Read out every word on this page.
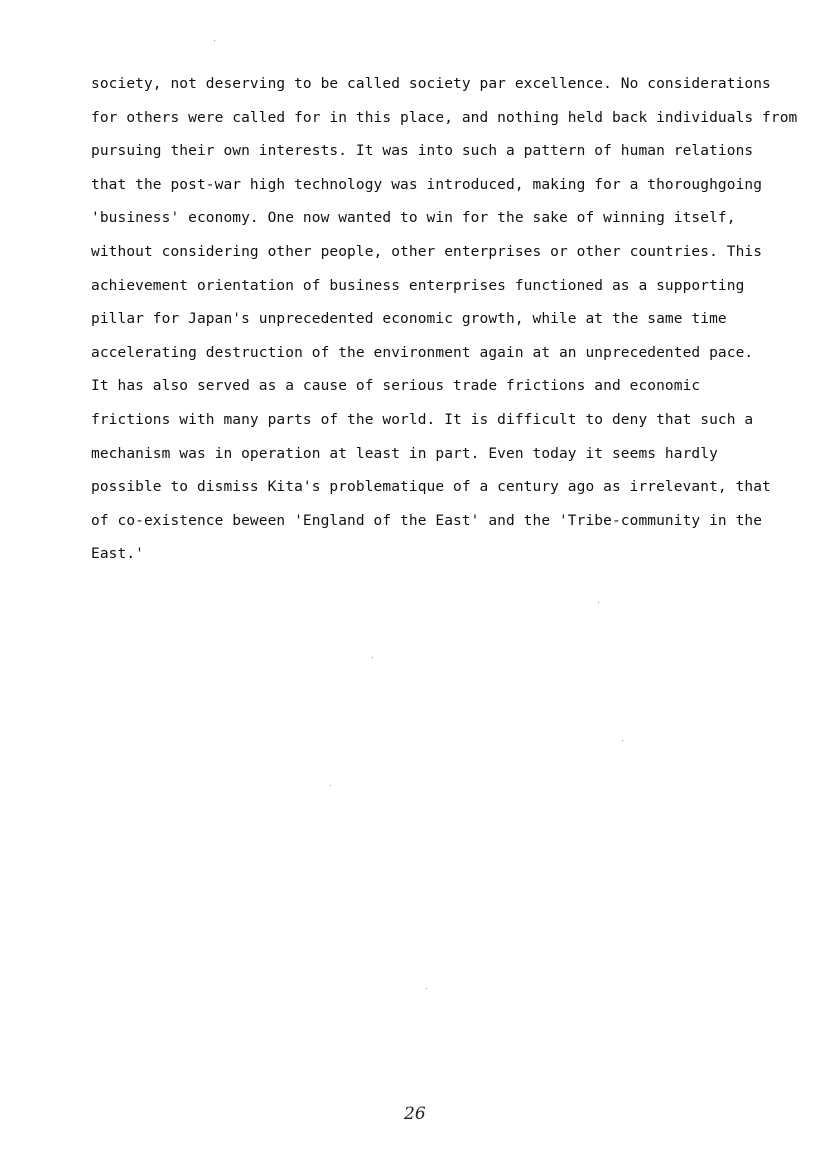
society, not deserving to be called society par excellence. No considerations
for others were called for in this place, and nothing held back individuals from
pursuing their own interests. It was into such a pattern of human relations
that the post-war high technology was introduced, making for a thoroughgoing
'business' economy. One now wanted to win for the sake of winning itself,
without considering other people, other enterprises or other countries. This
achievement orientation of business enterprises functioned as a supporting
pillar for Japan's unprecedented economic growth, while at the same time
accelerating destruction of the environment again at an unprecedented pace.
It has also served as a cause of serious trade frictions and economic
frictions with many parts of the world. It is difficult to deny that such a
mechanism was in operation at least in part. Even today it seems hardly
possible to dismiss Kita's problematique of a century ago as irrelevant, that
of co-existence beween 'England of the East' and the 'Tribe-community in the
East.'
26
